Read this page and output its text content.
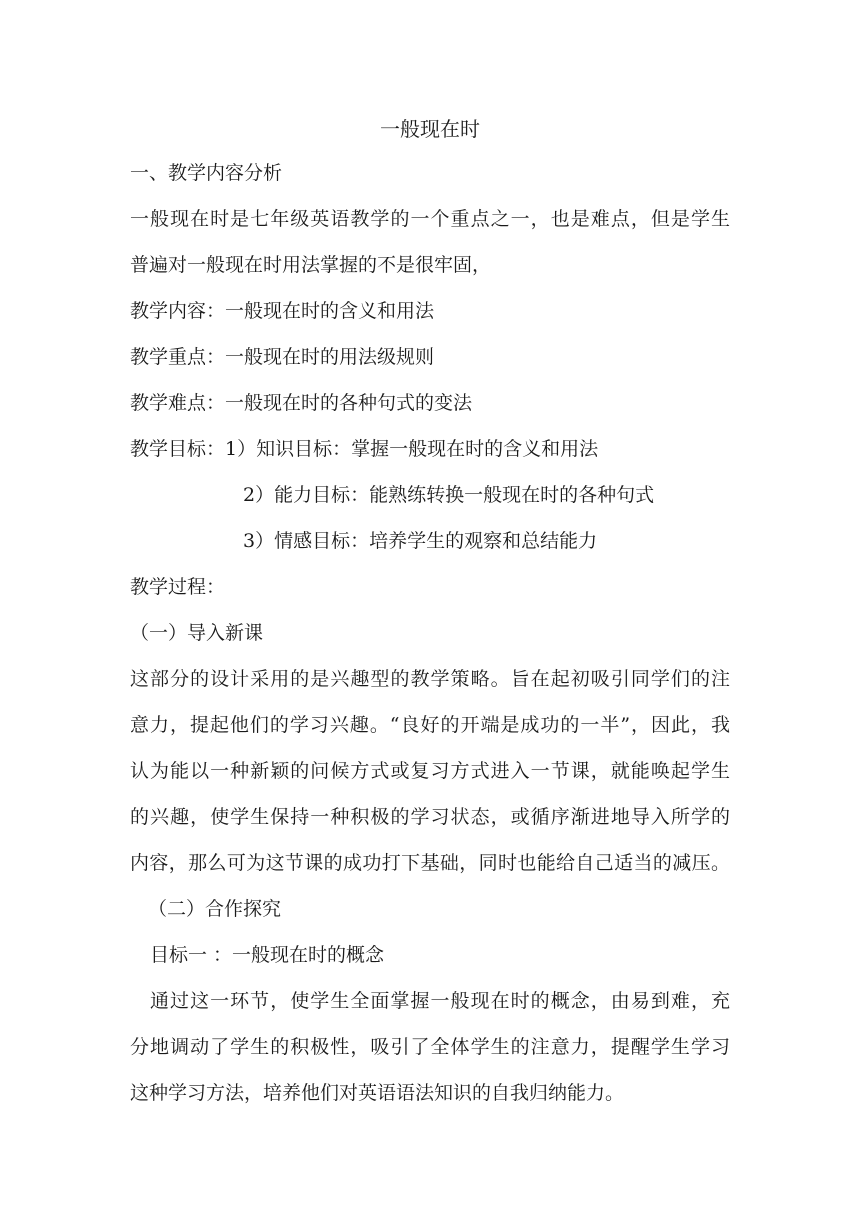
一般现在时
一、教学内容分析
一般现在时是七年级英语教学的一个重点之一，也是难点，但是学生
普遍对一般现在时用法掌握的不是很牢固，
教学内容：一般现在时的含义和用法
教学重点：一般现在时的用法级规则
教学难点：一般现在时的各种句式的变法
教学目标：1）知识目标：掌握一般现在时的含义和用法
2）能力目标：能熟练转换一般现在时的各种句式
3）情感目标：培养学生的观察和总结能力
教学过程：
（一）导入新课
这部分的设计采用的是兴趣型的教学策略。旨在起初吸引同学们的注
意力，提起他们的学习兴趣。“良好的开端是成功的一半”，因此，我
认为能以一种新颖的问候方式或复习方式进入一节课，就能唤起学生
的兴趣，使学生保持一种积极的学习状态，或循序渐进地导入所学的
内容，那么可为这节课的成功打下基础，同时也能给自己适当的减压。
（二）合作探究
目标一 ：一般现在时的概念
通过这一环节，使学生全面掌握一般现在时的概念，由易到难，充
分地调动了学生的积极性，吸引了全体学生的注意力，提醒学生学习
这种学习方法，培养他们对英语语法知识的自我归纳能力。
